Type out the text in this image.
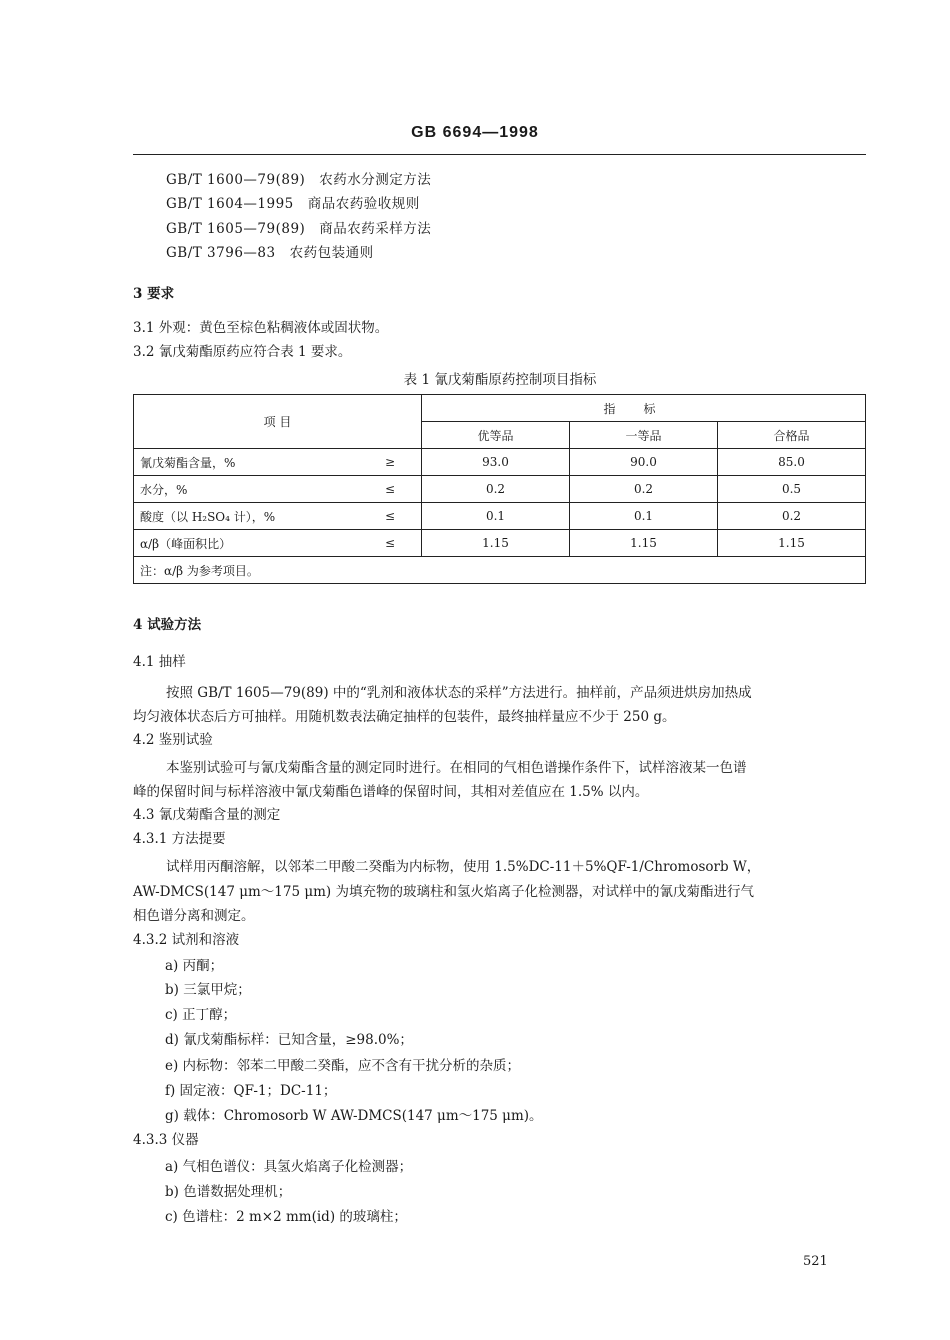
GB 6694—1998
GB/T 1600—79(89) 农药水分测定方法
GB/T 1604—1995 商品农药验收规则
GB/T 1605—79(89) 商品农药采样方法
GB/T 3796—83 农药包装通则
3 要求
3.1 外观：黄色至棕色粘稠液体或固状物。
3.2 氰戊菊酯原药应符合表 1 要求。
表 1 氰戊菊酯原药控制项目指标
项 目		指标		
		优等品	一等品	合格品
氰戊菊酯含量，%	≥	93.0	90.0	85.0
水分，%	≤	0.2	0.2	0.5
酸度（以 H₂SO₄ 计），%	≤	0.1	0.1	0.2
α/β（峰面积比）	≤	1.15	1.15	1.15
注：α/β 为参考项目。				
4 试验方法
4.1 抽样
按照 GB/T 1605—79(89) 中的“乳剂和液体状态的采样”方法进行。抽样前，产品须进烘房加热成
均匀液体状态后方可抽样。用随机数表法确定抽样的包装件，最终抽样量应不少于 250 g。
4.2 鉴别试验
本鉴别试验可与氰戊菊酯含量的测定同时进行。在相同的气相色谱操作条件下，试样溶液某一色谱
峰的保留时间与标样溶液中氰戊菊酯色谱峰的保留时间，其相对差值应在 1.5% 以内。
4.3 氰戊菊酯含量的测定
4.3.1 方法提要
试样用丙酮溶解，以邻苯二甲酸二癸酯为内标物，使用 1.5%DC-11＋5%QF-1/Chromosorb W，
AW-DMCS(147 μm～175 μm) 为填充物的玻璃柱和氢火焰离子化检测器，对试样中的氰戊菊酯进行气
相色谱分离和测定。
4.3.2 试剂和溶液
a) 丙酮；
b) 三氯甲烷；
c) 正丁醇；
d) 氰戊菊酯标样：已知含量，≥98.0%；
e) 内标物：邻苯二甲酸二癸酯，应不含有干扰分析的杂质；
f) 固定液：QF-1；DC-11；
g) 载体：Chromosorb W AW-DMCS(147 μm～175 μm)。
4.3.3 仪器
a) 气相色谱仪：具氢火焰离子化检测器；
b) 色谱数据处理机；
c) 色谱柱：2 m×2 mm(id) 的玻璃柱；
521
